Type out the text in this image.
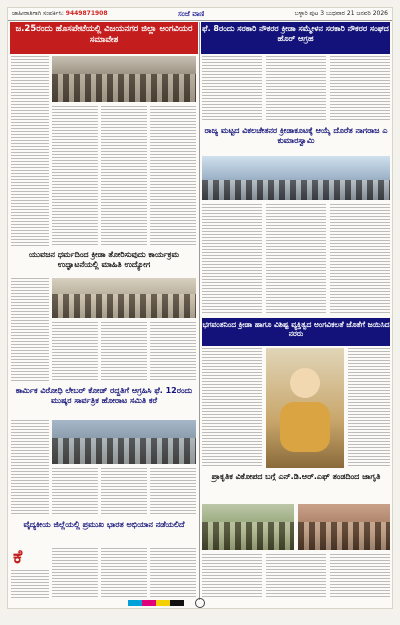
ಜಾಹೀರಾತಿಗಾಗಿ ಸಂಪರ್ಕಿಸಿ: 9449871908	ಸಂಜೆ ವಾಣಿ	ಬಳ್ಳಾರಿ ಪುಟ 3 ಬುಧವಾರ 21 ಜನವರಿ 2026
ಜ.25ರಂದು ಹೊಸಪೇಟೆಯಲ್ಲಿ ವಿಜಯನಗರ ಜಿಲ್ಲಾ ಅಂಗವಿಯರ ಸಮಾವೇಶ
ಫೆ. 8ರಂದು ಸರಕಾರಿ ನೌಕರರ ಕ್ರೀಡಾ ಸಮ್ಮೇಳನ ಸರಕಾರಿ ನೌಕರರ ಸಂಘದ ಹೊರ್ ಆಗ್ರಹ
ರಾಜ್ಯ ಮಟ್ಟದ ವಿಕಲಚೇತನರ ಕ್ರೀಡಾಕೂಟಕ್ಕೆ ಆಯ್ಕೆ ದೊರೆತ ನಾಗರಾಜ ಎ ಕುಮಾರಸ್ವಾಮಿ
ಯುವಜನ ಧರ್ಮದಿಂದ ಕ್ರೀಡಾ ತೋರಿಸುವುದು ಕಾರ್ಯಕ್ರಮ ಉದ್ಘಾಟನೆಯಲ್ಲಿ ಮಾಹಿತಿ ಉದ್ಯೋಗ
ಭಗವಂತನಿಂದ ಕ್ರೀಡಾ ಹಾಗೂ ವಿಶಿಷ್ಟ ವ್ಯಕ್ತಿತ್ವದ ಅಂಗವಿಕಲತೆ ಜೊತೆಗೆ ಜಯಿಸಿದ ನರರು
ಕಾರ್ಮಿಕ ವಿರೋಧಿ ಲೇಬರ್ ಕೋಡ್ ರದ್ದತಿಗೆ ಆಗ್ರಹಿಸಿ ಫೆ. 12ರಂದು ಮುಷ್ಕರ ಸಾರ್ವತ್ರಿಕ ಹೋರಾಟ ಸಮಿತಿ ಕರೆ
ಪ್ರಾಕೃತಿಕ ವಿಕೋಪದ ಬಗ್ಗೆ ಎನ್.ಡಿ.ಆರ್.ಎಫ್ ತಂಡದಿಂದ ಜಾಗೃತಿ
ವೈದ್ಯಕೀಯ ಜಿಲ್ಲೆಯಲ್ಲಿ ಪ್ರಮುಖ ಭಾರತ ಅಭಿಯಾನ ನಡೆಯಲಿದೆ
ಕೆ
